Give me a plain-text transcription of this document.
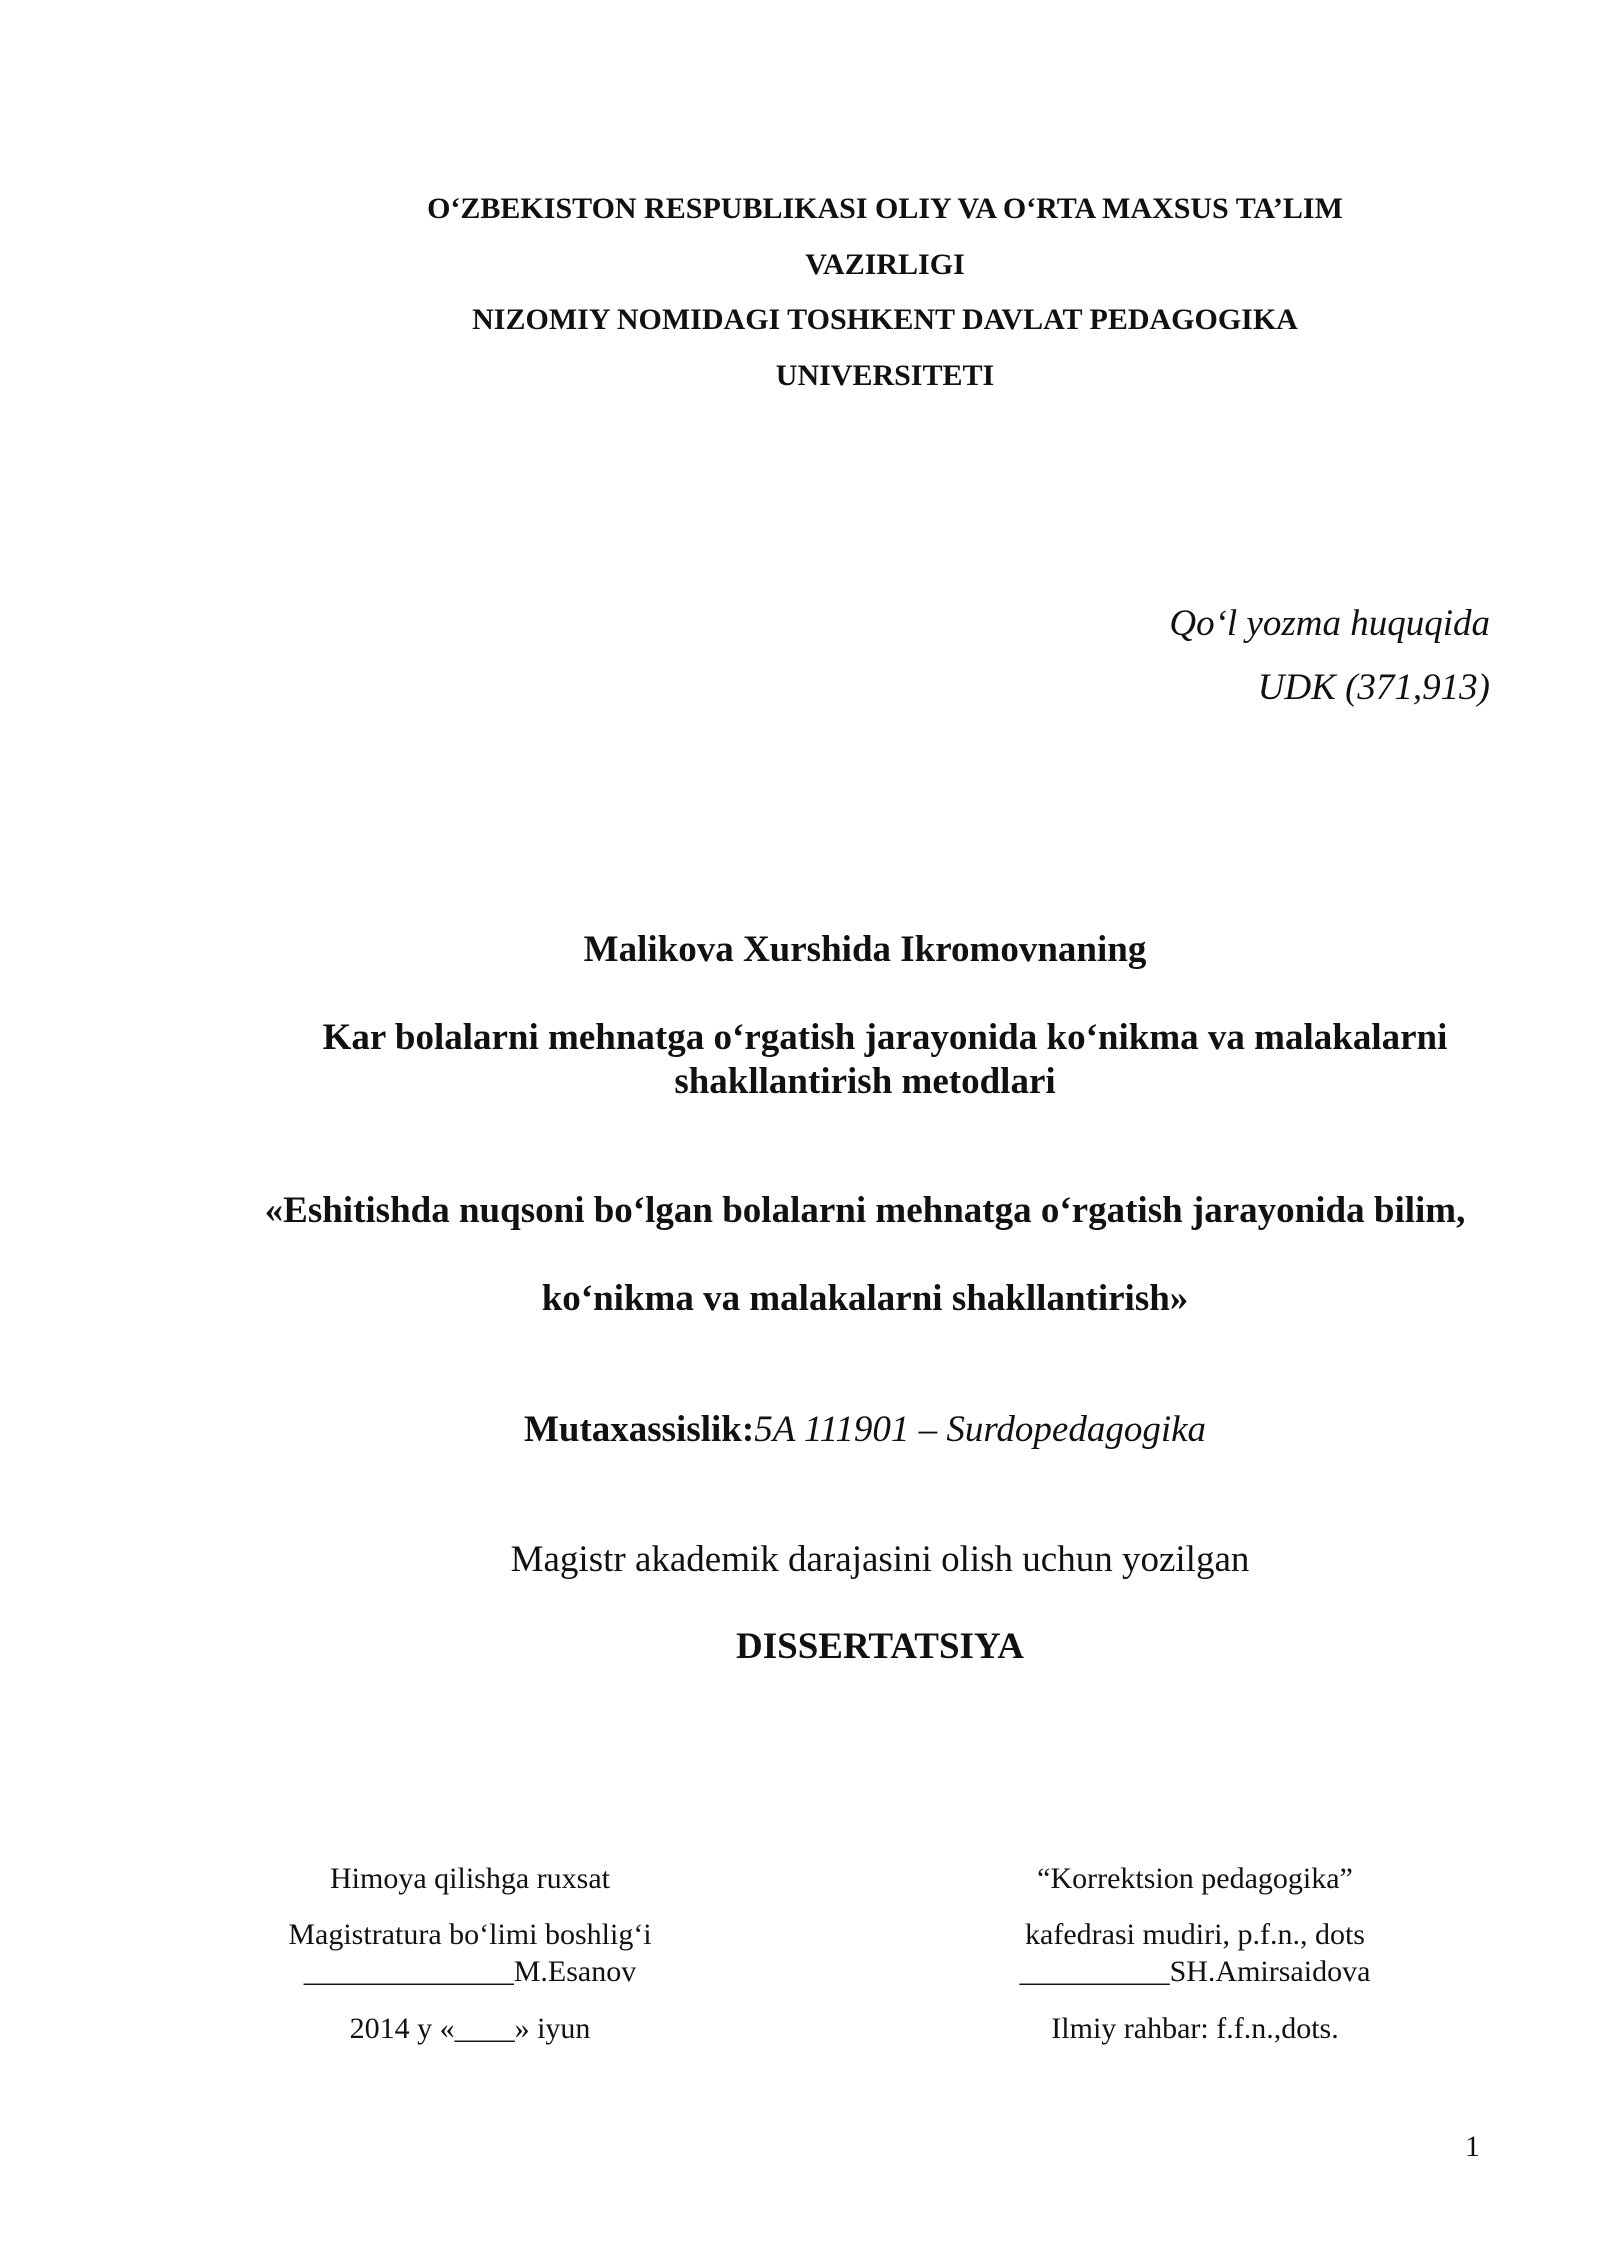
O‘ZBEKISTON RESPUBLIKASI OLIY VA O‘RTA MAXSUS TA’LIM
VAZIRLIGI
NIZOMIY NOMIDAGI TOSHKENT DAVLAT PEDAGOGIKA
UNIVERSITETI
Qo‘l yozma huquqida
UDK (371,913)
Malikova Xurshida Ikromovnaning
Kar bolalarni mehnatga o‘rgatish jarayonida ko‘nikma va malakalarni
shakllantirish metodlari
«Eshitishda nuqsoni bo‘lgan bolalarni mehnatga o‘rgatish jarayonida bilim,
ko‘nikma va malakalarni shakllantirish»
Mutaxassislik:5A 111901 – Surdopedagogika
Magistr akademik darajasini olish uchun yozilgan
DISSERTATSIYA
Himoya qilishga ruxsat
Magistratura bo‘limi boshlig‘i
______________M.Esanov
2014 y «____» iyun
“Korrektsion pedagogika”
kafedrasi mudiri, p.f.n., dots
__________SH.Amirsaidova
Ilmiy rahbar: f.f.n.,dots.
1
